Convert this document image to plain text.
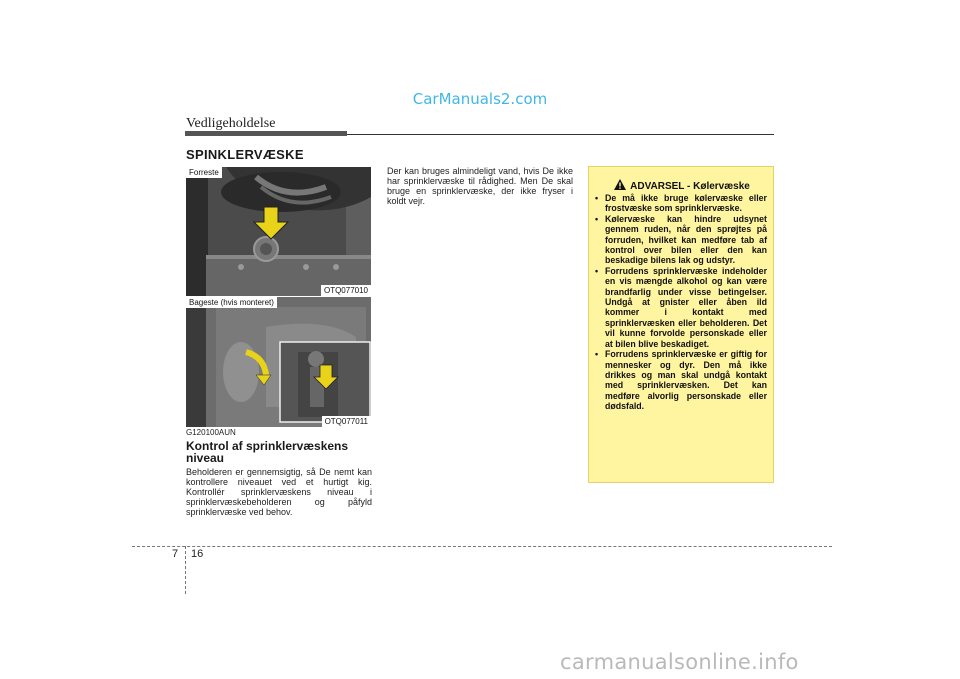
CarManuals2.com
Vedligeholdelse
SPINKLERVÆSKE
Forreste
OTQ077010
Bageste (hvis monteret)
OTQ077011
G120100AUN
Kontrol af sprinklervæskens niveau
Beholderen er gennemsigtig, så De nemt kan kontrollere niveauet ved et hurtigt kig. Kontrollér sprinklervæskens niveau i sprinklervæskebeholderen og påfyld sprinklervæske ved behov.
Der kan bruges almindeligt vand, hvis De ikke har sprinklervæske til rådighed. Men De skal bruge en sprinklervæske, der ikke fryser i koldt vejr.
ADVARSEL - Kølervæske
• De må ikke bruge kølervæske eller frostvæske som sprinklervæske.
• Kølervæske kan hindre udsynet gennem ruden, når den sprøjtes på forruden, hvilket kan medføre tab af kontrol over bilen eller den kan beskadige bilens lak og udstyr.
• Forrudens sprinklervæske indeholder en vis mængde alkohol og kan være brandfarlig under visse betingelser. Undgå at gnister eller åben ild kommer i kontakt med sprinklervæsken eller beholderen. Det vil kunne forvolde personskade eller at bilen blive beskadiget.
• Forrudens sprinklervæske er giftig for mennesker og dyr. Den må ikke drikkes og man skal undgå kontakt med sprinklervæsken. Det kan medføre alvorlig personskade eller dødsfald.
7 16
carmanualsonline.info
